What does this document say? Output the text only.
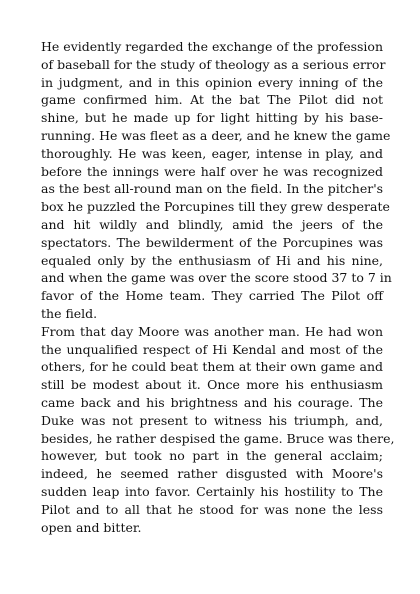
He evidently regarded the exchange of the profession
of baseball for the study of theology as a serious error
in judgment, and in this opinion every inning of the
game confirmed him. At the bat The Pilot did not
shine, but he made up for light hitting by his base-
running. He was fleet as a deer, and he knew the game
thoroughly. He was keen, eager, intense in play, and
before the innings were half over he was recognized
as the best all-round man on the field. In the pitcher's
box he puzzled the Porcupines till they grew desperate
and hit wildly and blindly, amid the jeers of the
spectators. The bewilderment of the Porcupines was
equaled only by the enthusiasm of Hi and his nine,
and when the game was over the score stood 37 to 7 in
favor of the Home team. They carried The Pilot off
the field.

From that day Moore was another man. He had won
the unqualified respect of Hi Kendal and most of the
others, for he could beat them at their own game and
still be modest about it. Once more his enthusiasm
came back and his brightness and his courage. The
Duke was not present to witness his triumph, and,
besides, he rather despised the game. Bruce was there,
however, but took no part in the general acclaim;
indeed, he seemed rather disgusted with Moore's
sudden leap into favor. Certainly his hostility to The
Pilot and to all that he stood for was none the less
open and bitter.
